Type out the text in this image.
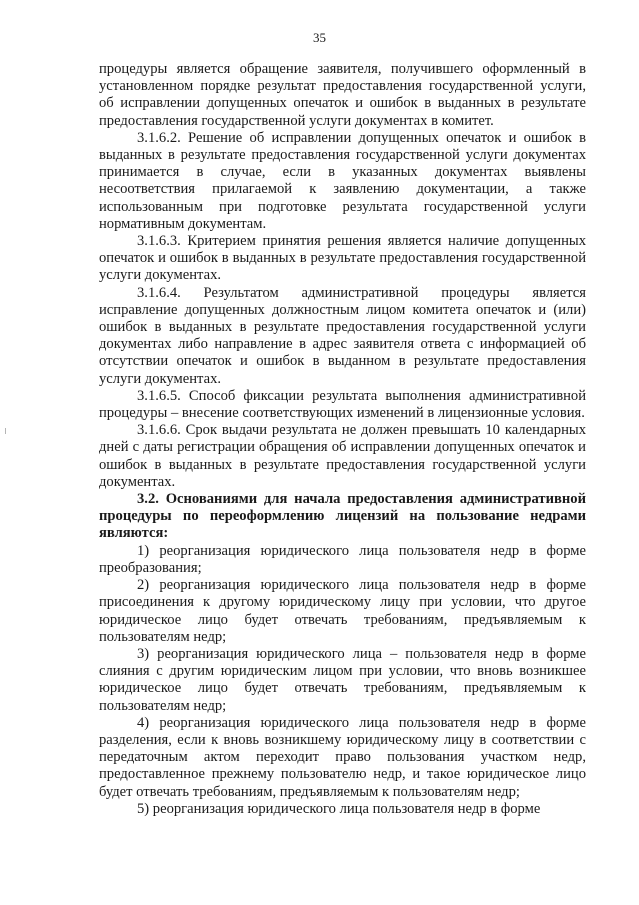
35

процедуры является обращение заявителя, получившего оформленный в установленном порядке результат предоставления государственной услуги, об исправлении допущенных опечаток и ошибок в выданных в результате предоставления государственной услуги документах в комитет.

3.1.6.2. Решение об исправлении допущенных опечаток и ошибок в выданных в результате предоставления государственной услуги документах принимается в случае, если в указанных документах выявлены несоответствия прилагаемой к заявлению документации, а также использованным при подготовке результата государственной услуги нормативным документам.

3.1.6.3. Критерием принятия решения является наличие допущенных опечаток и ошибок в выданных в результате предоставления государственной услуги документах.

3.1.6.4. Результатом административной процедуры является исправление допущенных должностным лицом комитета опечаток и (или) ошибок в выданных в результате предоставления государственной услуги документах либо направление в адрес заявителя ответа с информацией об отсутствии опечаток и ошибок в выданном в результате предоставления услуги документах.

3.1.6.5. Способ фиксации результата выполнения административной процедуры – внесение соответствующих изменений в лицензионные условия.

3.1.6.6. Срок выдачи результата не должен превышать 10 календарных дней с даты регистрации обращения об исправлении допущенных опечаток и ошибок в выданных в результате предоставления государственной услуги документах.

3.2. Основаниями для начала предоставления административной процедуры по переоформлению лицензий на пользование недрами являются:

1) реорганизация юридического лица пользователя недр в форме преобразования;

2) реорганизация юридического лица пользователя недр в форме присоединения к другому юридическому лицу при условии, что другое юридическое лицо будет отвечать требованиям, предъявляемым к пользователям недр;

3) реорганизация юридического лица – пользователя недр в форме слияния с другим юридическим лицом при условии, что вновь возникшее юридическое лицо будет отвечать требованиям, предъявляемым к пользователям недр;

4) реорганизация юридического лица пользователя недр в форме разделения, если к вновь возникшему юридическому лицу в соответствии с передаточным актом переходит право пользования участком недр, предоставленное прежнему пользователю недр, и такое юридическое лицо будет отвечать требованиям, предъявляемым к пользователям недр;

5) реорганизация юридического лица пользователя недр в форме
